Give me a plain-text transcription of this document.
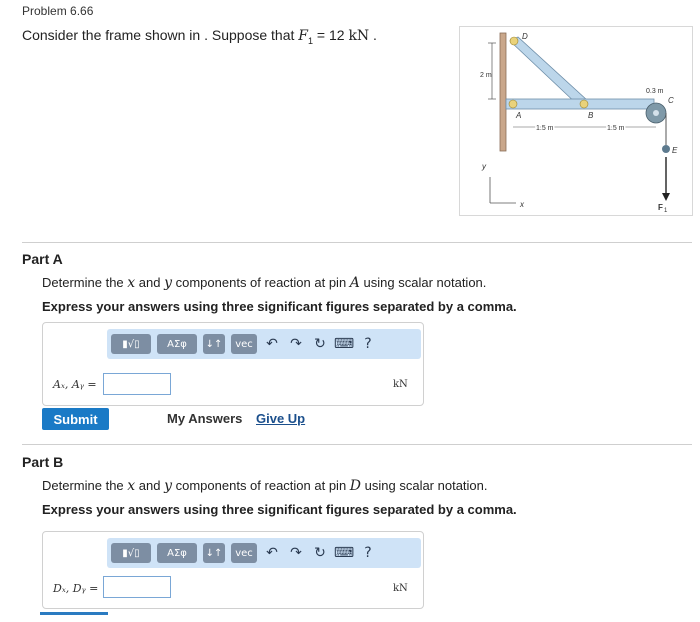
Problem 6.66
Consider the frame shown in . Suppose that $F_1 = 12$ kN .
2 m
1.5 m	1.5 m
0.3 m
D
A	B
C
E
F 1
y
x
Part A
Determine the x and y components of reaction at pin A using scalar notation.
Express your answers using three significant figures separated by a comma.
▮√▯	ΑΣφ	↓↑	vec ↶ ↷ ↻ ⌨ ?
Aₓ, Aᵧ =	kN
Submit	My Answers Give Up
Part B
Determine the x and y components of reaction at pin D using scalar notation.
Express your answers using three significant figures separated by a comma.
▮√▯	ΑΣφ	↓↑	vec ↶ ↷ ↻ ⌨ ?
Dₓ, Dᵧ =	kN
